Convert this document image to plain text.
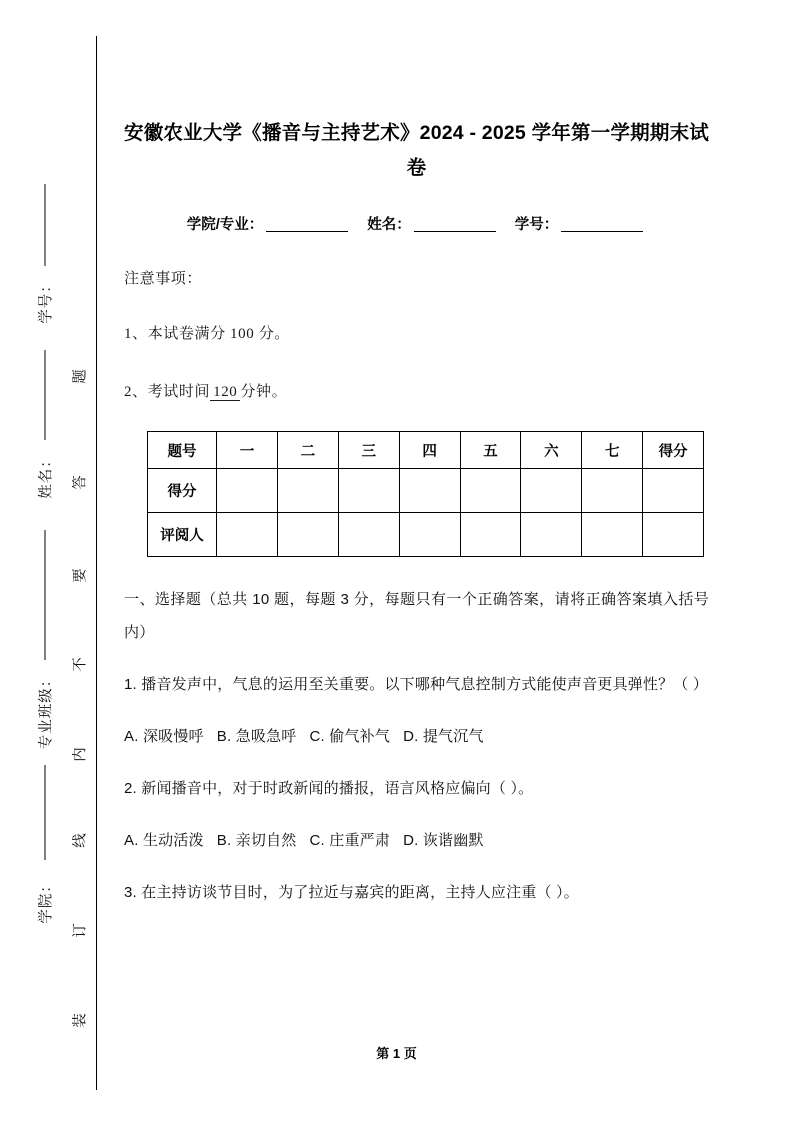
学号：
姓名：
专业班级：
学院：
题
答
要
不
内
线
订
装
安徽农业大学《播音与主持艺术》2024 - 2025 学年第一学期期末试卷
学院/专业：	姓名：	学号：
注意事项：
1、本试卷满分 100 分。
2、考试时间 120 分钟。
题号	一	二	三	四	五	六	七	得分
得分								
评阅人								
一、选择题（总共 10 题，每题 3 分，每题只有一个正确答案，请将正确答案填入括号内）
1. 播音发声中，气息的运用至关重要。以下哪种气息控制方式能使声音更具弹性？（ ）
A. 深吸慢呼 B. 急吸急呼 C. 偷气补气 D. 提气沉气
2. 新闻播音中，对于时政新闻的播报，语言风格应偏向（ ）。
A. 生动活泼 B. 亲切自然 C. 庄重严肃 D. 诙谐幽默
3. 在主持访谈节目时，为了拉近与嘉宾的距离，主持人应注重（ ）。
第 1 页
